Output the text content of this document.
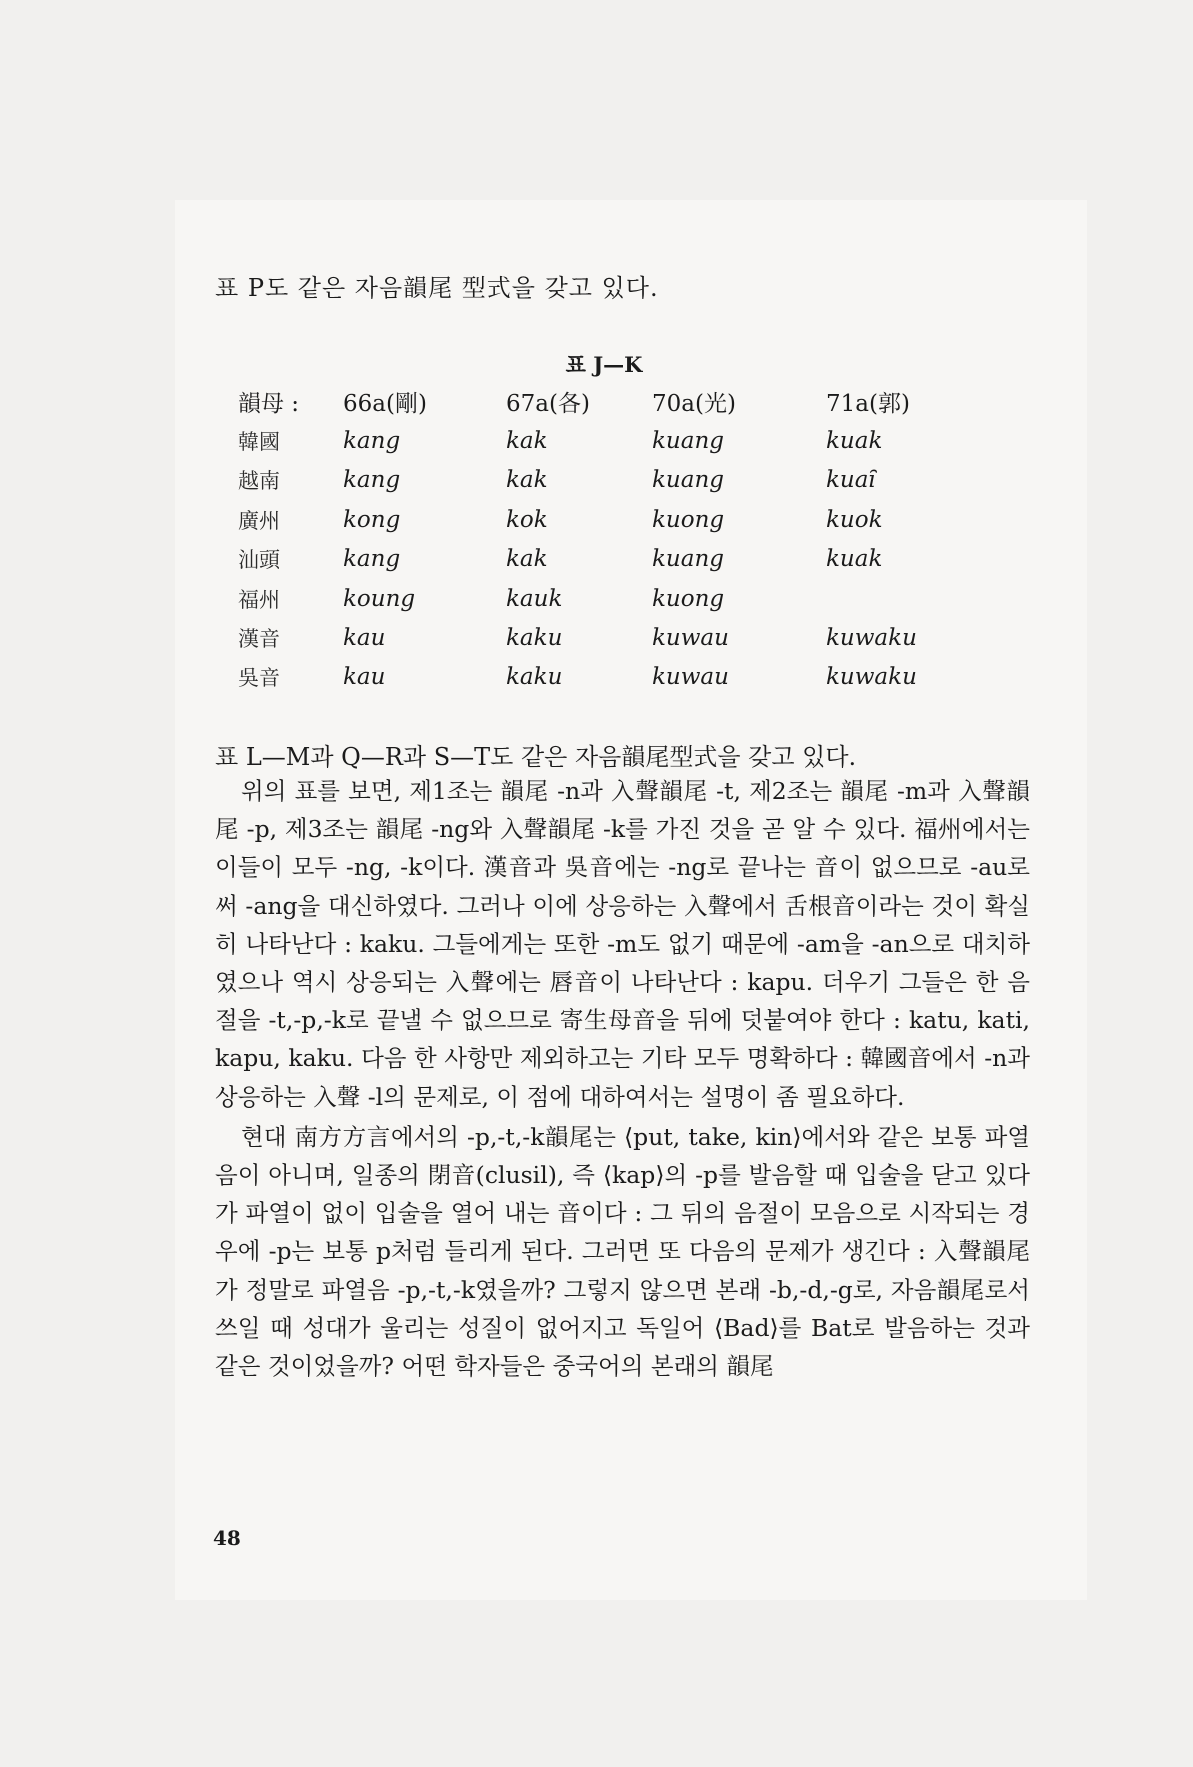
표 P도 같은 자음韻尾 型式을 갖고 있다.
표 J—K
韻母 :	66a(剛)	67a(各)	70a(光)	71a(郭)
韓國	kang	kak	kuang	kuak
越南	kang	kak	kuang	kuaȋ
廣州	kong	kok	kuong	kuok
汕頭	kang	kak	kuang	kuak
福州	koung	kauk	kuong	
漢音	kau	kaku	kuwau	kuwaku
吳音	kau	kaku	kuwau	kuwaku
표 L—M과 Q—R과 S—T도 같은 자음韻尾型式을 갖고 있다.

위의 표를 보면, 제1조는 韻尾 -n과 入聲韻尾 -t, 제2조는 韻尾 -m과 入聲韻尾 -p, 제3조는 韻尾 -ng와 入聲韻尾 -k를 가진 것을 곧 알 수 있다. 福州에서는 이들이 모두 -ng, -k이다. 漢音과 吳音에는 -ng로 끝나는 音이 없으므로 -au로써 -ang을 대신하였다. 그러나 이에 상응하는 入聲에서 舌根音이라는 것이 확실히 나타난다 : kaku. 그들에게는 또한 -m도 없기 때문에 -am을 -an으로 대치하였으나 역시 상응되는 入聲에는 唇音이 나타난다 : kapu. 더우기 그들은 한 음절을 -t,-p,-k로 끝낼 수 없으므로 寄生母音을 뒤에 덧붙여야 한다 : katu, kati, kapu, kaku. 다음 한 사항만 제외하고는 기타 모두 명확하다 : 韓國音에서 -n과 상응하는 入聲 -l의 문제로, 이 점에 대하여서는 설명이 좀 필요하다.

현대 南方方言에서의 -p,-t,-k韻尾는 ⟨put, take, kin⟩에서와 같은 보통 파열음이 아니며, 일종의 閉音(clusil), 즉 ⟨kap⟩의 -p를 발음할 때 입술을 닫고 있다가 파열이 없이 입술을 열어 내는 音이다 : 그 뒤의 음절이 모음으로 시작되는 경우에 -p는 보통 p처럼 들리게 된다. 그러면 또 다음의 문제가 생긴다 : 入聲韻尾가 정말로 파열음 -p,-t,-k였을까? 그렇지 않으면 본래 -b,-d,-g로, 자음韻尾로서 쓰일 때 성대가 울리는 성질이 없어지고 독일어 ⟨Bad⟩를 Bat로 발음하는 것과 같은 것이었을까? 어떤 학자들은 중국어의 본래의 韻尾

48
